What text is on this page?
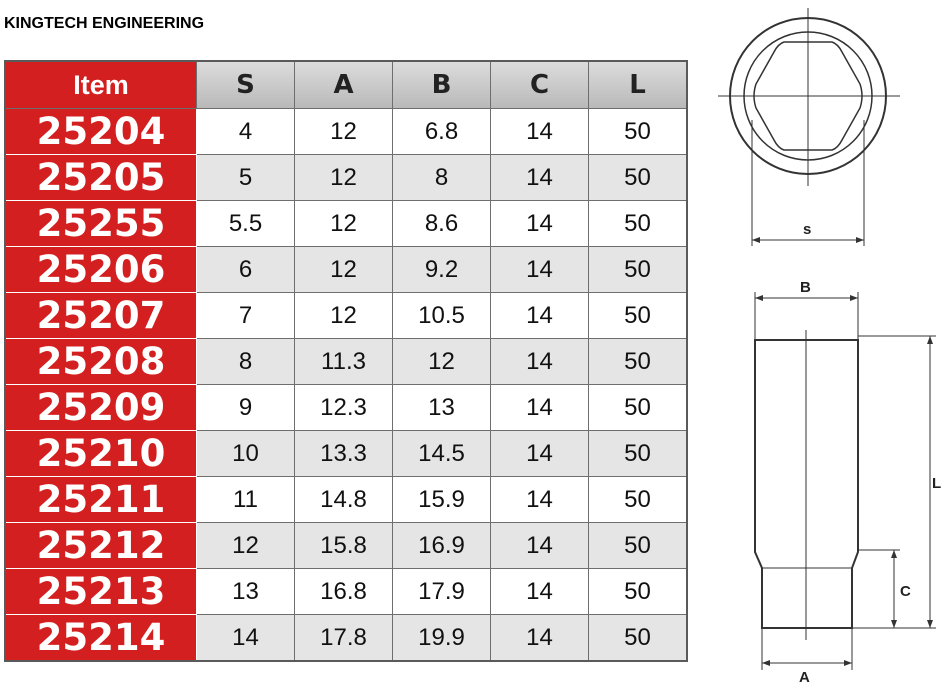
KINGTECH ENGINEERING
Item	S	A	B	C	L
25204	4	12	6.8	14	50
25205	5	12	8	14	50
25255	5.5	12	8.6	14	50
25206	6	12	9.2	14	50
25207	7	12	10.5	14	50
25208	8	11.3	12	14	50
25209	9	12.3	13	14	50
25210	10	13.3	14.5	14	50
25211	11	14.8	15.9	14	50
25212	12	15.8	16.9	14	50
25213	13	16.8	17.9	14	50
25214	14	17.8	19.9	14	50
s
B
L
C
A
